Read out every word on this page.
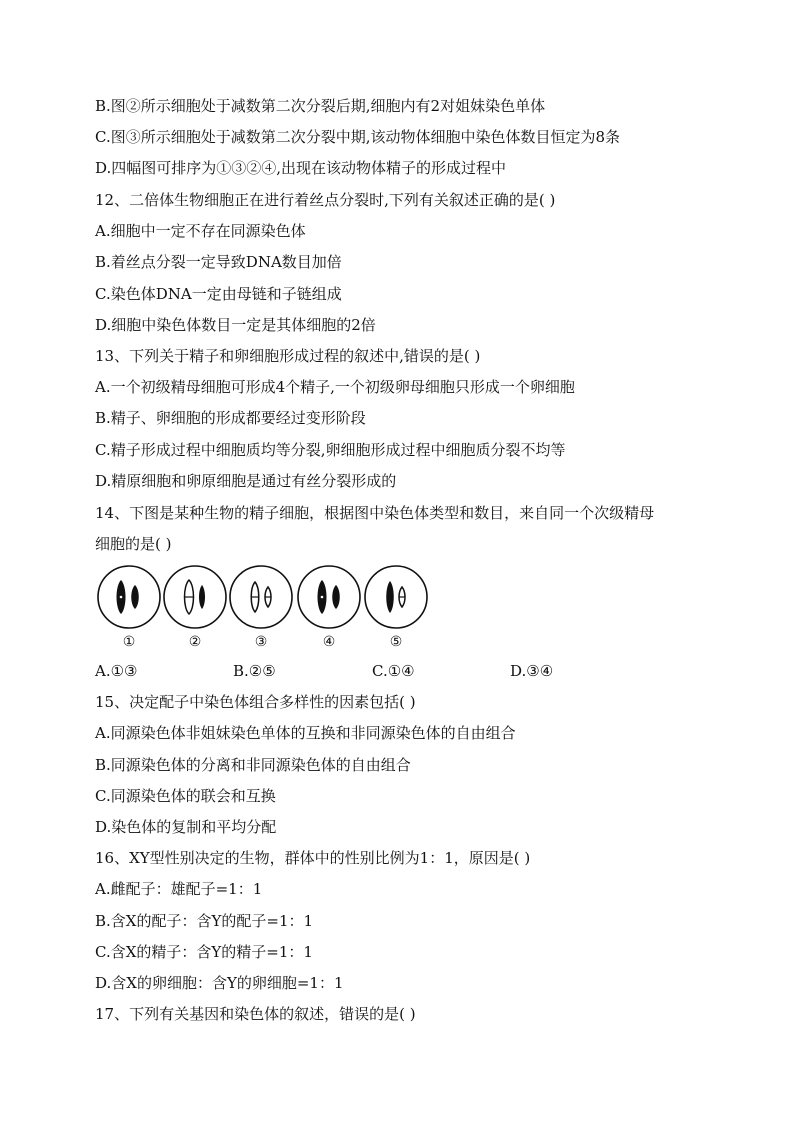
B.图②所示细胞处于减数第二次分裂后期,细胞内有2对姐妹染色单体
C.图③所示细胞处于减数第二次分裂中期,该动物体细胞中染色体数目恒定为8条
D.四幅图可排序为①③②④,出现在该动物体精子的形成过程中
12、二倍体生物细胞正在进行着丝点分裂时,下列有关叙述正确的是( )
A.细胞中一定不存在同源染色体
B.着丝点分裂一定导致DNA数目加倍
C.染色体DNA一定由母链和子链组成
D.细胞中染色体数目一定是其体细胞的2倍
13、下列关于精子和卵细胞形成过程的叙述中,错误的是( )
A.一个初级精母细胞可形成4个精子,一个初级卵母细胞只形成一个卵细胞
B.精子、卵细胞的形成都要经过变形阶段
C.精子形成过程中细胞质均等分裂,卵细胞形成过程中细胞质分裂不均等
D.精原细胞和卵原细胞是通过有丝分裂形成的
14、下图是某种生物的精子细胞，根据图中染色体类型和数目，来自同一个次级精母
细胞的是( )
①	②	③	④	⑤
A.①③	B.②⑤	C.①④	D.③④
15、决定配子中染色体组合多样性的因素包括( )
A.同源染色体非姐妹染色单体的互换和非同源染色体的自由组合
B.同源染色体的分离和非同源染色体的自由组合
C.同源染色体的联会和互换
D.染色体的复制和平均分配
16、XY型性别决定的生物，群体中的性别比例为1：1，原因是( )
A.雌配子：雄配子=1：1
B.含X的配子：含Y的配子=1：1
C.含X的精子：含Y的精子=1：1
D.含X的卵细胞：含Y的卵细胞=1：1
17、下列有关基因和染色体的叙述，错误的是( )
